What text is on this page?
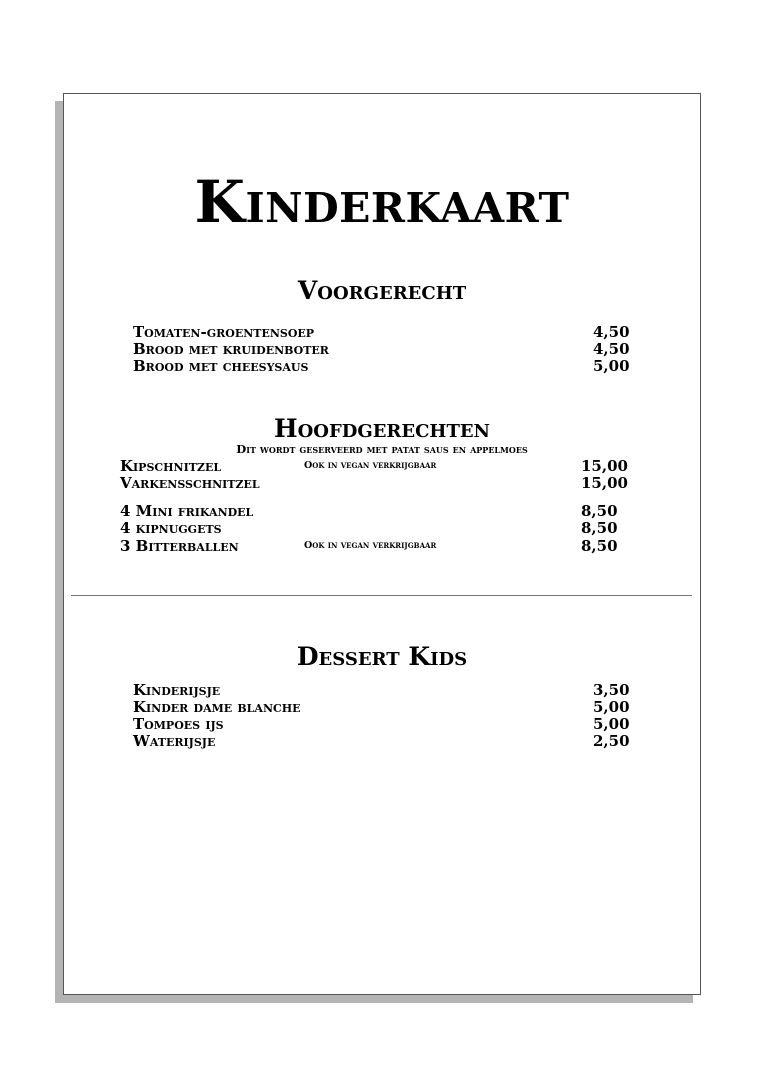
Kinderkaart
Voorgerecht
Tomaten-groentensoep	4,50
Brood met kruidenboter	4,50
Brood met cheesysaus	5,00
Hoofdgerechten
Dit wordt geserveerd met patat saus en appelmoes
Kipschnitzel	Ook in vegan verkrijgbaar	15,00
Varkensschnitzel	15,00
4 Mini frikandel	8,50
4 kipnuggets	8,50
3 Bitterballen	Ook in vegan verkrijgbaar	8,50
Dessert Kids
Kinderijsje	3,50
Kinder dame blanche	5,00
Tompoes ijs	5,00
Waterijsje	2,50
